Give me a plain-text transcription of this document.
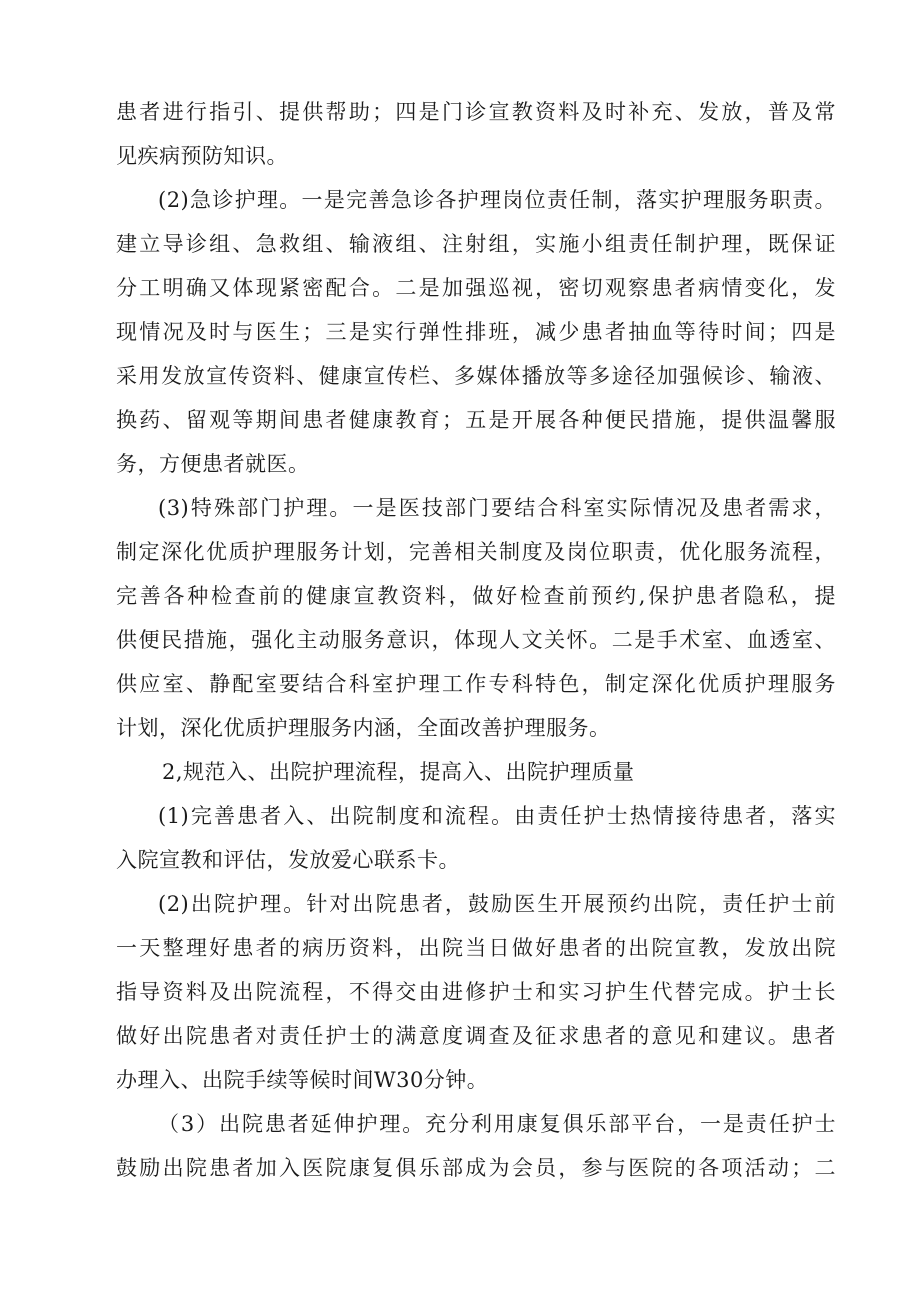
患者进行指引、提供帮助；四是门诊宣教资料及时补充、发放，普及常
见疾病预防知识。
(2)急诊护理。一是完善急诊各护理岗位责任制，落实护理服务职责。
建立导诊组、急救组、输液组、注射组，实施小组责任制护理，既保证
分工明确又体现紧密配合。二是加强巡视，密切观察患者病情变化，发
现情况及时与医生；三是实行弹性排班，减少患者抽血等待时间；四是
采用发放宣传资料、健康宣传栏、多媒体播放等多途径加强候诊、输液、
换药、留观等期间患者健康教育；五是开展各种便民措施，提供温馨服
务，方便患者就医。
(3)特殊部门护理。一是医技部门要结合科室实际情况及患者需求，
制定深化优质护理服务计划，完善相关制度及岗位职责，优化服务流程，
完善各种检查前的健康宣教资料，做好检查前预约,保护患者隐私，提
供便民措施，强化主动服务意识，体现人文关怀。二是手术室、血透室、
供应室、静配室要结合科室护理工作专科特色，制定深化优质护理服务
计划，深化优质护理服务内涵，全面改善护理服务。
2,规范入、出院护理流程，提高入、出院护理质量
(1)完善患者入、出院制度和流程。由责任护士热情接待患者，落实
入院宣教和评估，发放爱心联系卡。
(2)出院护理。针对出院患者，鼓励医生开展预约出院，责任护士前
一天整理好患者的病历资料，出院当日做好患者的出院宣教，发放出院
指导资料及出院流程，不得交由进修护士和实习护生代替完成。护士长
做好出院患者对责任护士的满意度调查及征求患者的意见和建议。患者
办理入、出院手续等候时间W30分钟。
（3）出院患者延伸护理。充分利用康复俱乐部平台，一是责任护士
鼓励出院患者加入医院康复俱乐部成为会员，参与医院的各项活动；二
